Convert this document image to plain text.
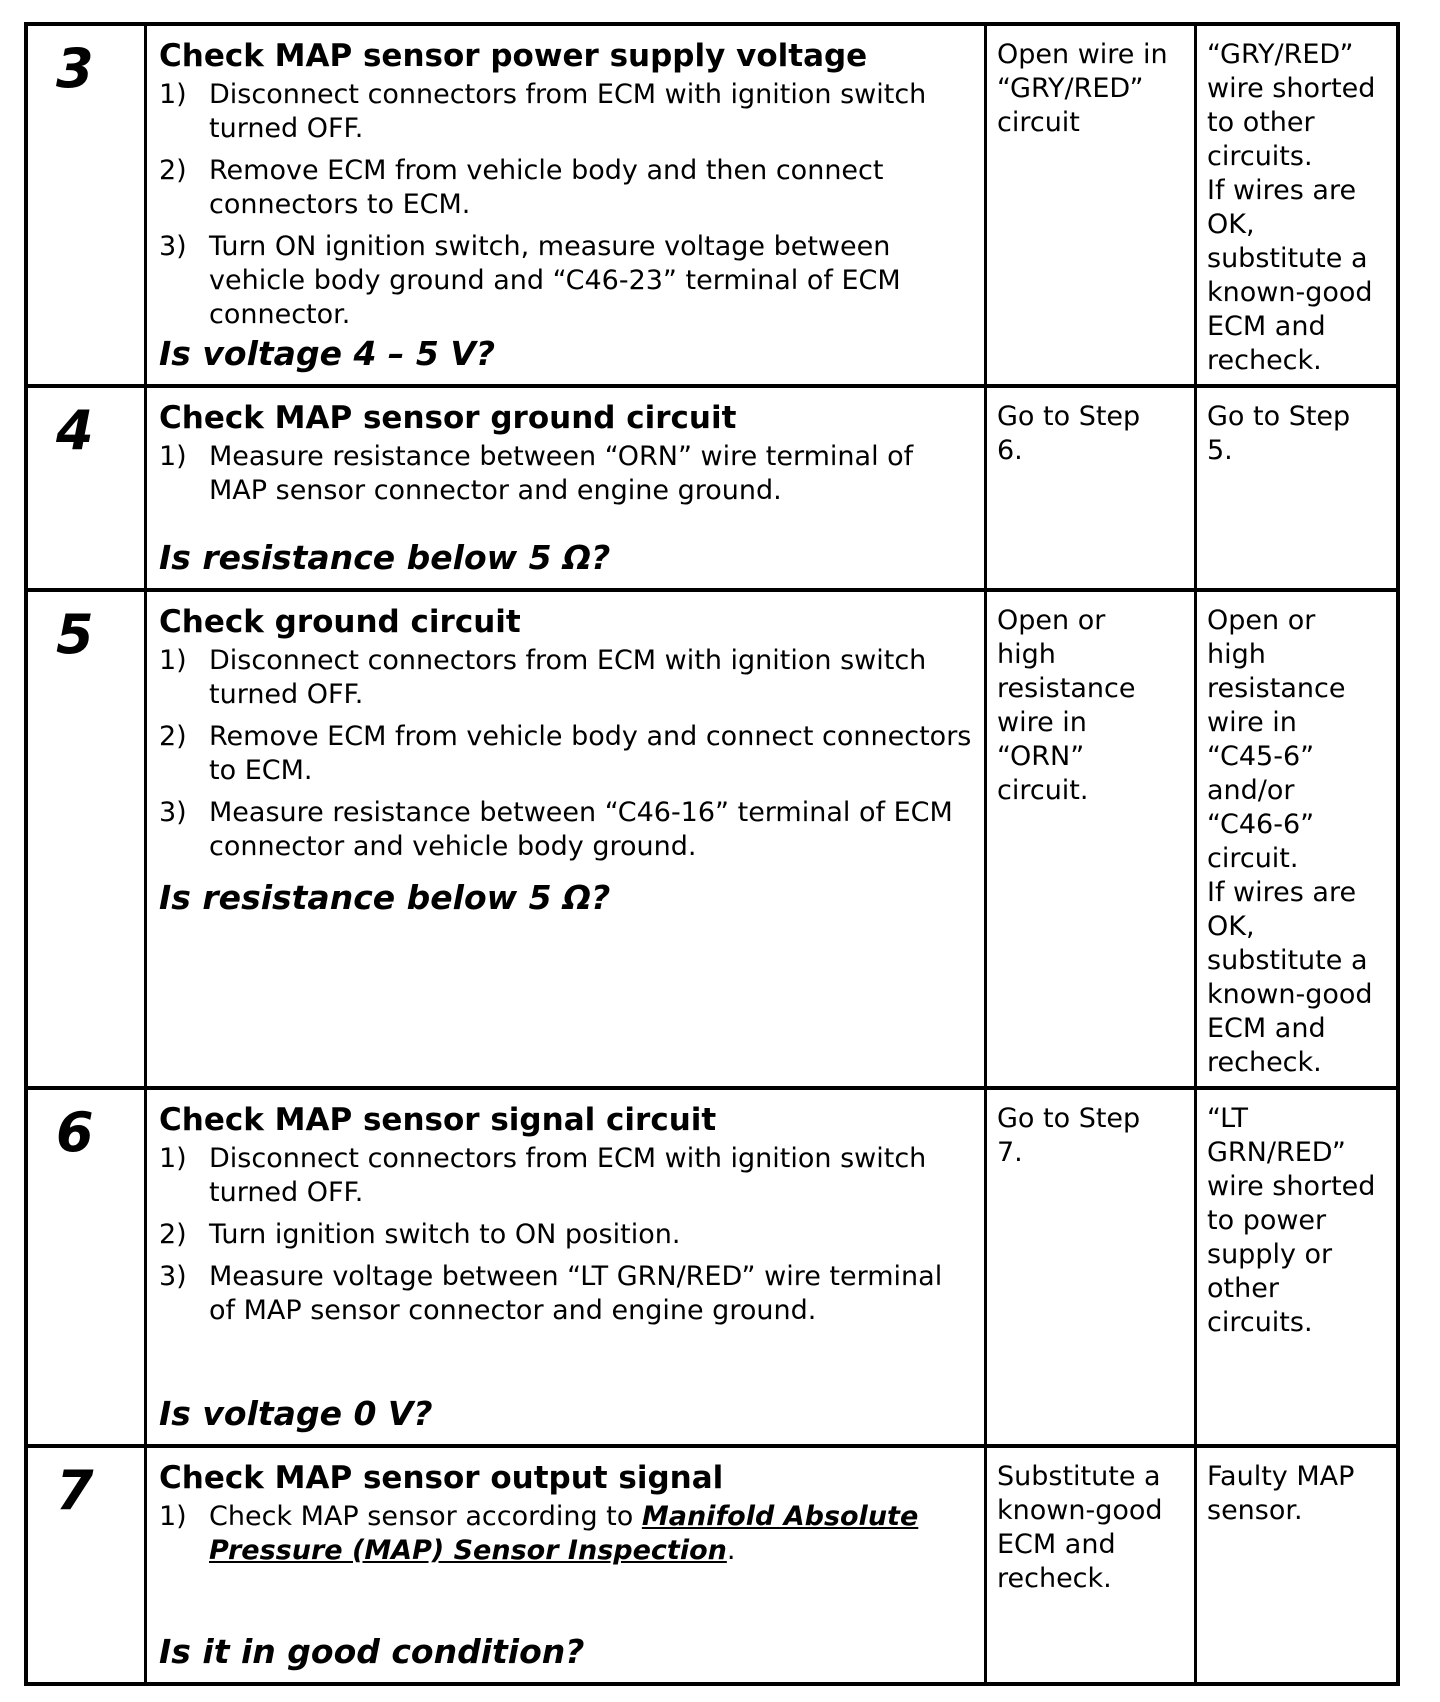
3 Check MAP sensor power supply voltage
1) Disconnect connectors from ECM with ignition switch turned OFF.
2) Remove ECM from vehicle body and then connect connectors to ECM.
3) Turn ON ignition switch, measure voltage between vehicle body ground and “C46-23” terminal of ECM connector.
Is voltage 4 – 5 V?
Open wire in
“GRY/RED”
circuit
“GRY/RED”
wire shorted
to other
circuits.
If wires are
OK,
substitute a
known-good
ECM and
recheck.
4 Check MAP sensor ground circuit
1) Measure resistance between “ORN” wire terminal of MAP sensor connector and engine ground.
Is resistance below 5 Ω?
Go to Step
6.
Go to Step
5.
5 Check ground circuit
1) Disconnect connectors from ECM with ignition switch turned OFF.
2) Remove ECM from vehicle body and connect connectors to ECM.
3) Measure resistance between “C46-16” terminal of ECM connector and vehicle body ground.
Is resistance below 5 Ω?
Open or
high
resistance
wire in
“ORN”
circuit.
Open or
high
resistance
wire in
“C45-6”
and/or
“C46-6”
circuit.
If wires are
OK,
substitute a
known-good
ECM and
recheck.
6 Check MAP sensor signal circuit
1) Disconnect connectors from ECM with ignition switch turned OFF.
2) Turn ignition switch to ON position.
3) Measure voltage between “LT GRN/RED” wire terminal of MAP sensor connector and engine ground.
Is voltage 0 V?
Go to Step
7.
“LT
GRN/RED”
wire shorted
to power
supply or
other
circuits.
7 Check MAP sensor output signal
1) Check MAP sensor according to Manifold Absolute Pressure (MAP) Sensor Inspection.
Is it in good condition?
Substitute a
known-good
ECM and
recheck.
Faulty MAP
sensor.
